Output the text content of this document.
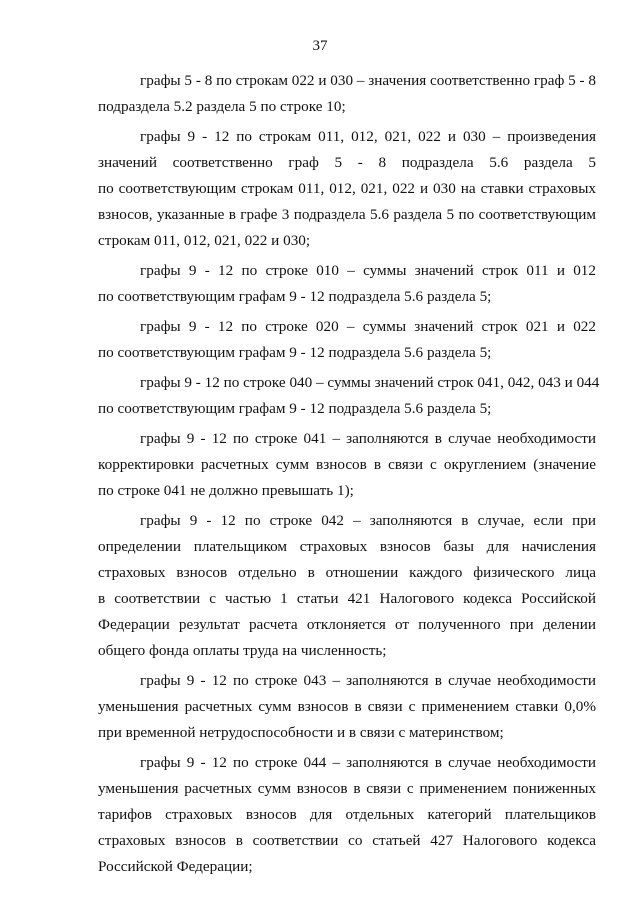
37

графы 5 - 8 по строкам 022 и 030 – значения соответственно граф 5 - 8
подраздела 5.2 раздела 5 по строке 10;

графы 9 - 12 по строкам 011, 012, 021, 022 и 030 – произведения
значений соответственно граф 5 - 8 подраздела 5.6 раздела 5
по соответствующим строкам 011, 012, 021, 022 и 030 на ставки страховых
взносов, указанные в графе 3 подраздела 5.6 раздела 5 по соответствующим
строкам 011, 012, 021, 022 и 030;

графы 9 - 12 по строке 010 – суммы значений строк 011 и 012
по соответствующим графам 9 - 12 подраздела 5.6 раздела 5;

графы 9 - 12 по строке 020 – суммы значений строк 021 и 022
по соответствующим графам 9 - 12 подраздела 5.6 раздела 5;

графы 9 - 12 по строке 040 – суммы значений строк 041, 042, 043 и 044
по соответствующим графам 9 - 12 подраздела 5.6 раздела 5;

графы 9 - 12 по строке 041 – заполняются в случае необходимости
корректировки расчетных сумм взносов в связи с округлением (значение
по строке 041 не должно превышать 1);

графы 9 - 12 по строке 042 – заполняются в случае, если при
определении плательщиком страховых взносов базы для начисления
страховых взносов отдельно в отношении каждого физического лица
в соответствии с частью 1 статьи 421 Налогового кодекса Российской
Федерации результат расчета отклоняется от полученного при делении
общего фонда оплаты труда на численность;

графы 9 - 12 по строке 043 – заполняются в случае необходимости
уменьшения расчетных сумм взносов в связи с применением ставки 0,0%
при временной нетрудоспособности и в связи с материнством;

графы 9 - 12 по строке 044 – заполняются в случае необходимости
уменьшения расчетных сумм взносов в связи с применением пониженных
тарифов страховых взносов для отдельных категорий плательщиков
страховых взносов в соответствии со статьей 427 Налогового кодекса
Российской Федерации;
